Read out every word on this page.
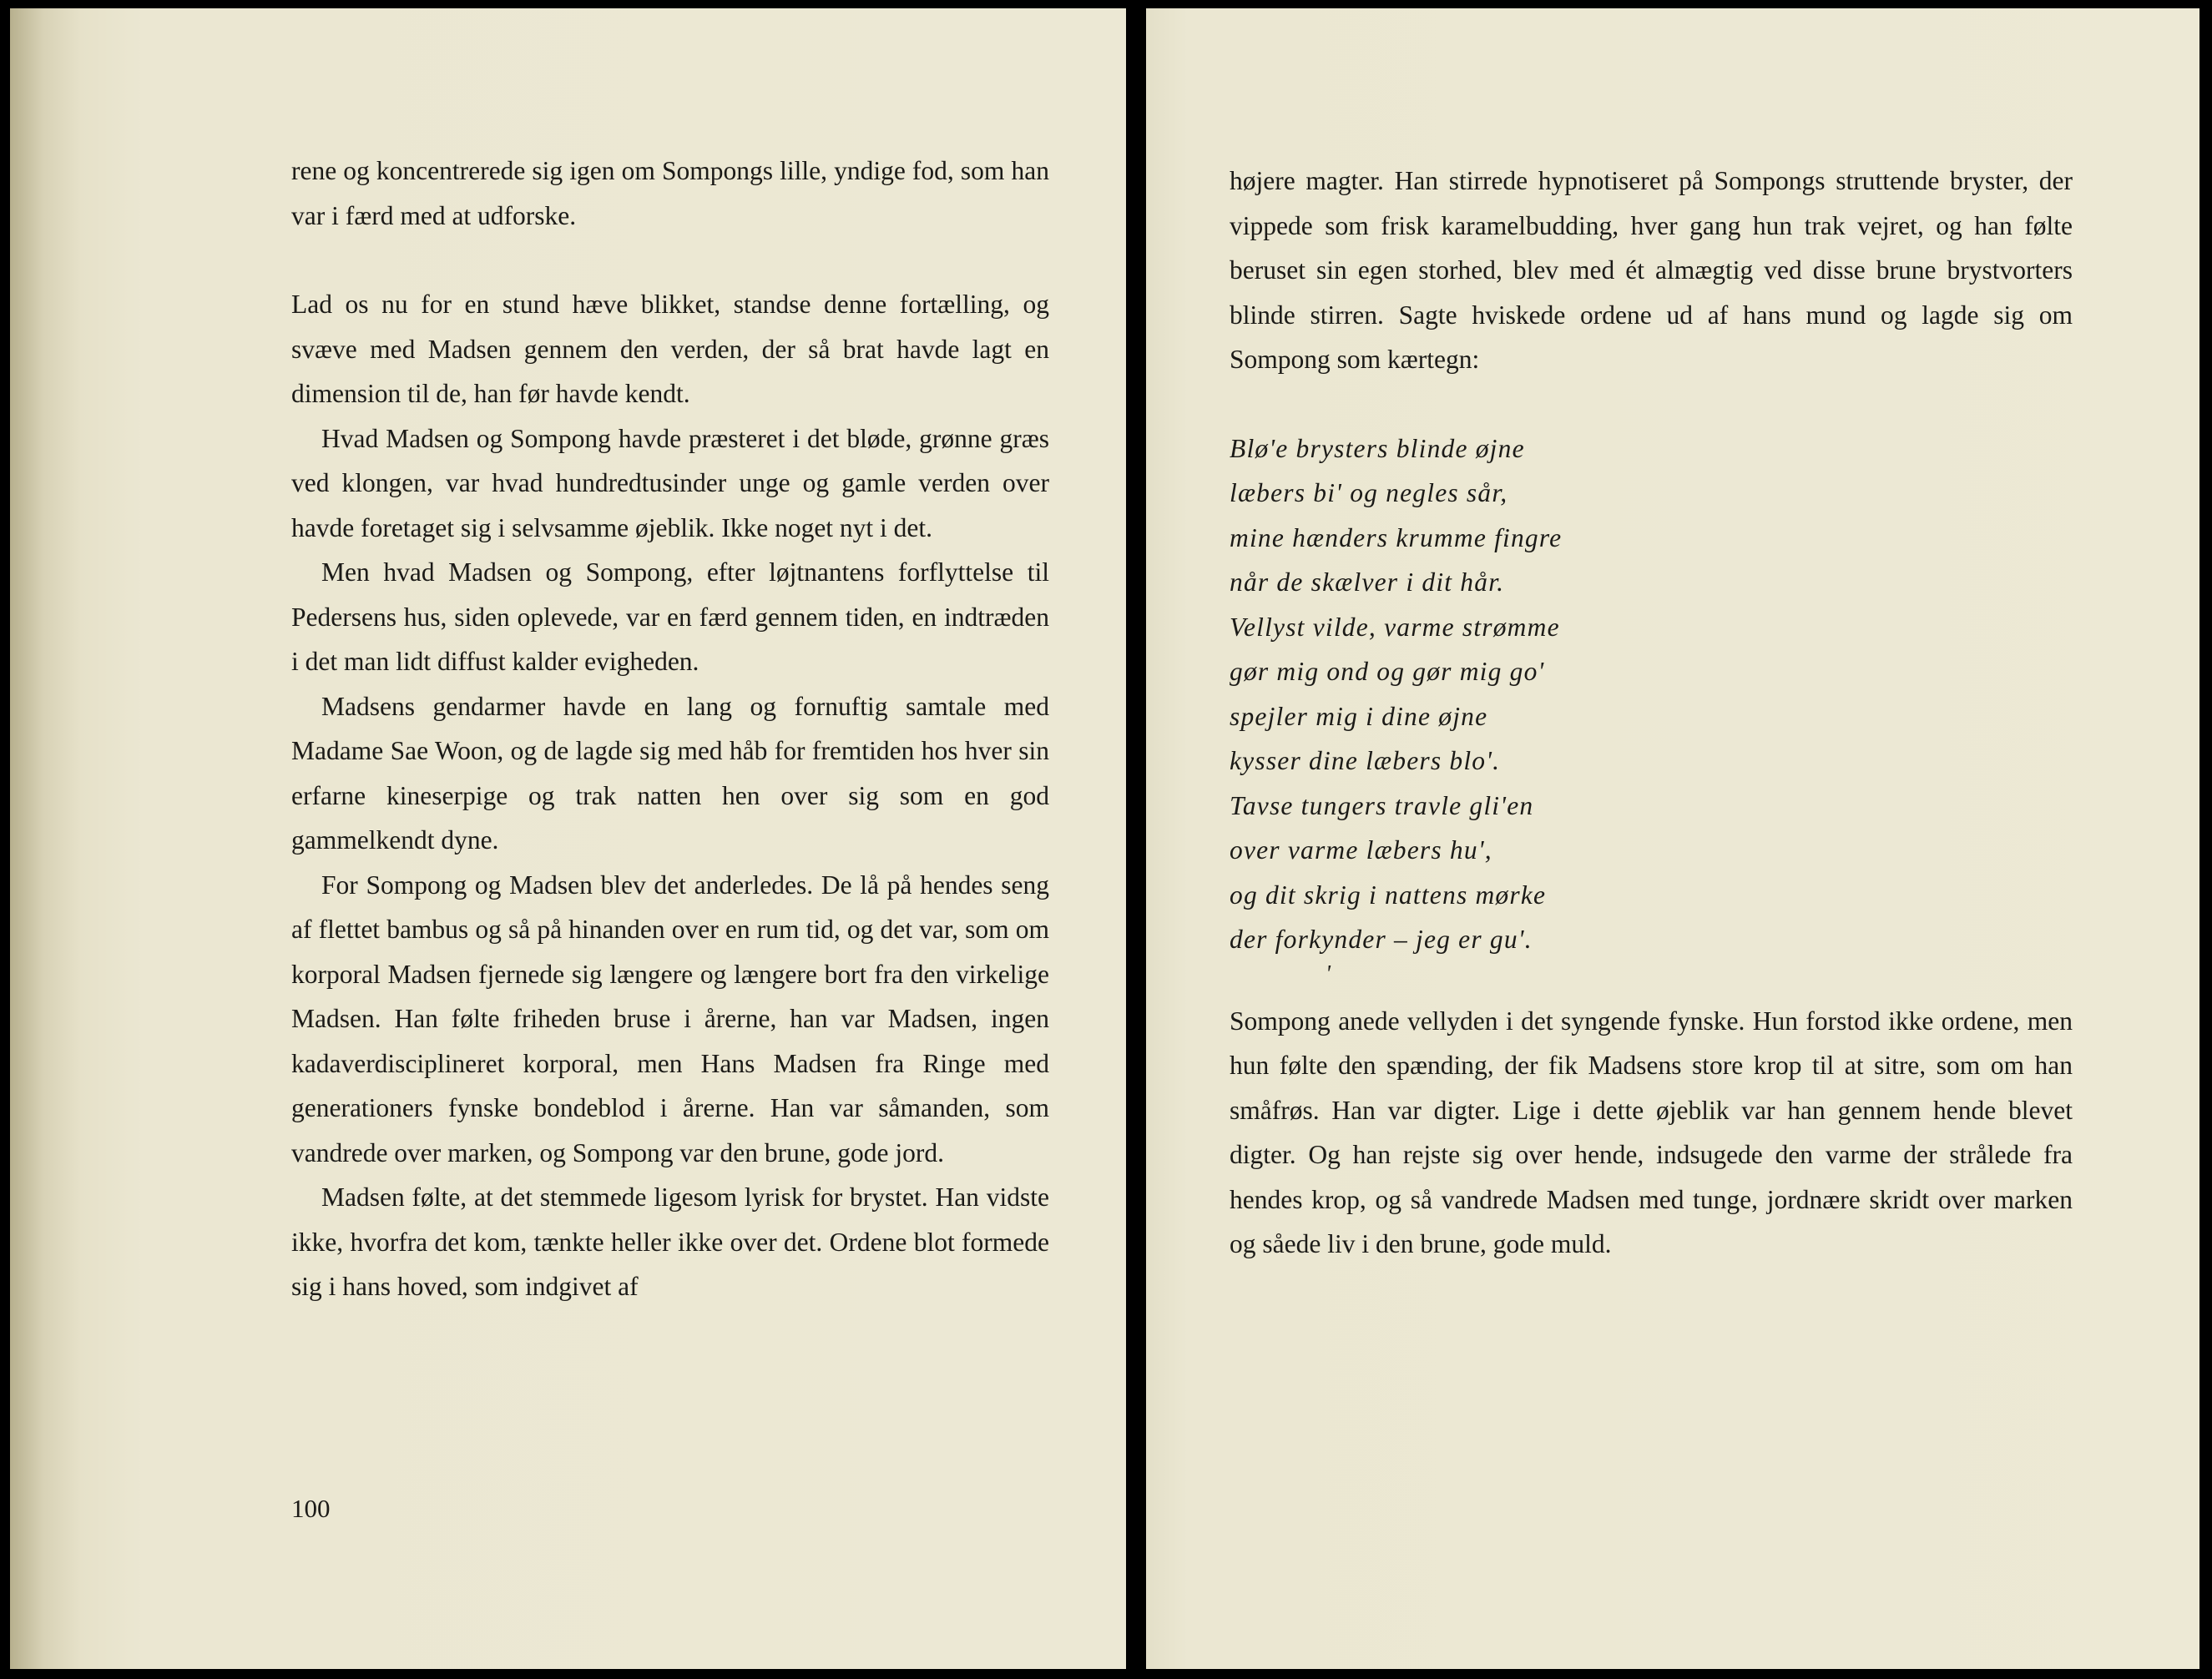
rene og koncentrerede sig igen om Sompongs lille, yndige fod, som han var i færd med at udforske.

Lad os nu for en stund hæve blikket, standse denne fortælling, og svæve med Madsen gennem den verden, der så brat havde lagt en dimension til de, han før havde kendt.

Hvad Madsen og Sompong havde præsteret i det bløde, grønne græs ved klongen, var hvad hundredtusinder unge og gamle verden over havde foretaget sig i selvsamme øjeblik. Ikke noget nyt i det.

Men hvad Madsen og Sompong, efter løjtnantens forflyttelse til Pedersens hus, siden oplevede, var en færd gennem tiden, en indtræden i det man lidt diffust kalder evigheden.

Madsens gendarmer havde en lang og fornuftig samtale med Madame Sae Woon, og de lagde sig med håb for fremtiden hos hver sin erfarne kineserpige og trak natten hen over sig som en god gammelkendt dyne.

For Sompong og Madsen blev det anderledes. De lå på hendes seng af flettet bambus og så på hinanden over en rum tid, og det var, som om korporal Madsen fjernede sig længere og længere bort fra den virkelige Madsen. Han følte friheden bruse i årerne, han var Madsen, ingen kadaverdisciplineret korporal, men Hans Madsen fra Ringe med generationers fynske bondeblod i årerne. Han var såmanden, som vandrede over marken, og Sompong var den brune, gode jord.

Madsen følte, at det stemmede ligesom lyrisk for brystet. Han vidste ikke, hvorfra det kom, tænkte heller ikke over det. Ordene blot formede sig i hans hoved, som indgivet af

100

højere magter. Han stirrede hypnotiseret på Sompongs struttende bryster, der vippede som frisk karamelbudding, hver gang hun trak vejret, og han følte beruset sin egen storhed, blev med ét almægtig ved disse brune brystvorters blinde stirren. Sagte hviskede ordene ud af hans mund og lagde sig om Sompong som kærtegn:

Blø'e brysters blinde øjne
læbers bi' og negles sår,
mine hænders krumme fingre
når de skælver i dit hår.
Vellyst vilde, varme strømme
gør mig ond og gør mig go'
spejler mig i dine øjne
kysser dine læbers blo'.
Tavse tungers travle gli'en
over varme læbers hu',
og dit skrig i nattens mørke
der forkynder – jeg er gu'.
'

Sompong anede vellyden i det syngende fynske. Hun forstod ikke ordene, men hun følte den spænding, der fik Madsens store krop til at sitre, som om han småfrøs. Han var digter. Lige i dette øjeblik var han gennem hende blevet digter. Og han rejste sig over hende, indsugede den varme der strålede fra hendes krop, og så vandrede Madsen med tunge, jordnære skridt over marken og såede liv i den brune, gode muld.
